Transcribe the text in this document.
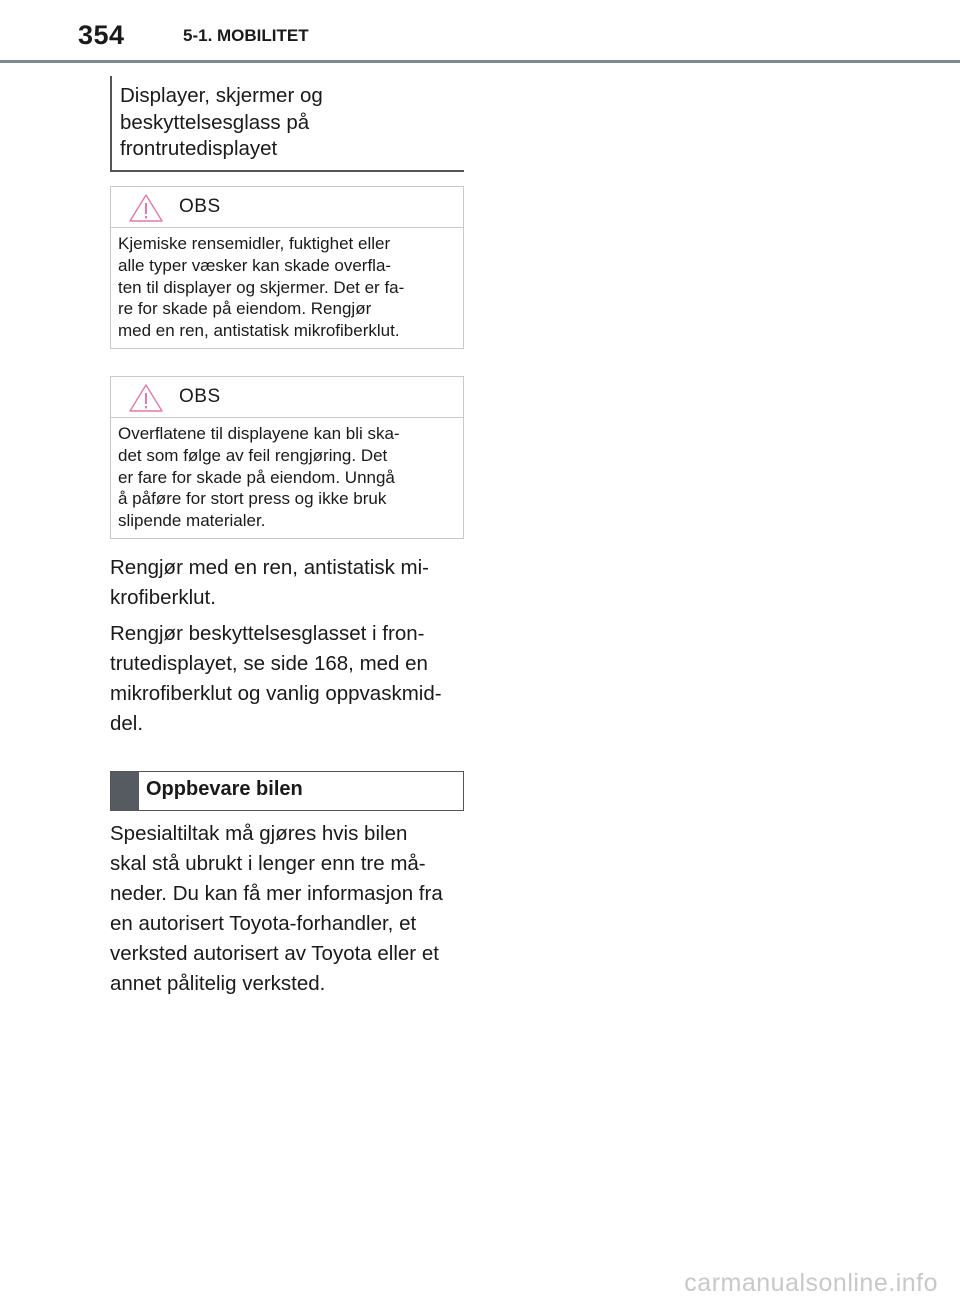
354	5-1. MOBILITET
Displayer, skjermer og
beskyttelsesglass på
frontrutedisplayet
OBS
Kjemiske rensemidler, fuktighet eller
alle typer væsker kan skade overfla-
ten til displayer og skjermer. Det er fa-
re for skade på eiendom. Rengjør
med en ren, antistatisk mikrofiberklut.
OBS
Overflatene til displayene kan bli ska-
det som følge av feil rengjøring. Det
er fare for skade på eiendom. Unngå
å påføre for stort press og ikke bruk
slipende materialer.
Rengjør med en ren, antistatisk mi-
krofiberklut.
Rengjør beskyttelsesglasset i fron-
trutedisplayet, se side 168, med en
mikrofiberklut og vanlig oppvaskmid-
del.
Oppbevare bilen
Spesialtiltak må gjøres hvis bilen
skal stå ubrukt i lenger enn tre må-
neder. Du kan få mer informasjon fra
en autorisert Toyota-forhandler, et
verksted autorisert av Toyota eller et
annet pålitelig verksted.
carmanualsonline.info
